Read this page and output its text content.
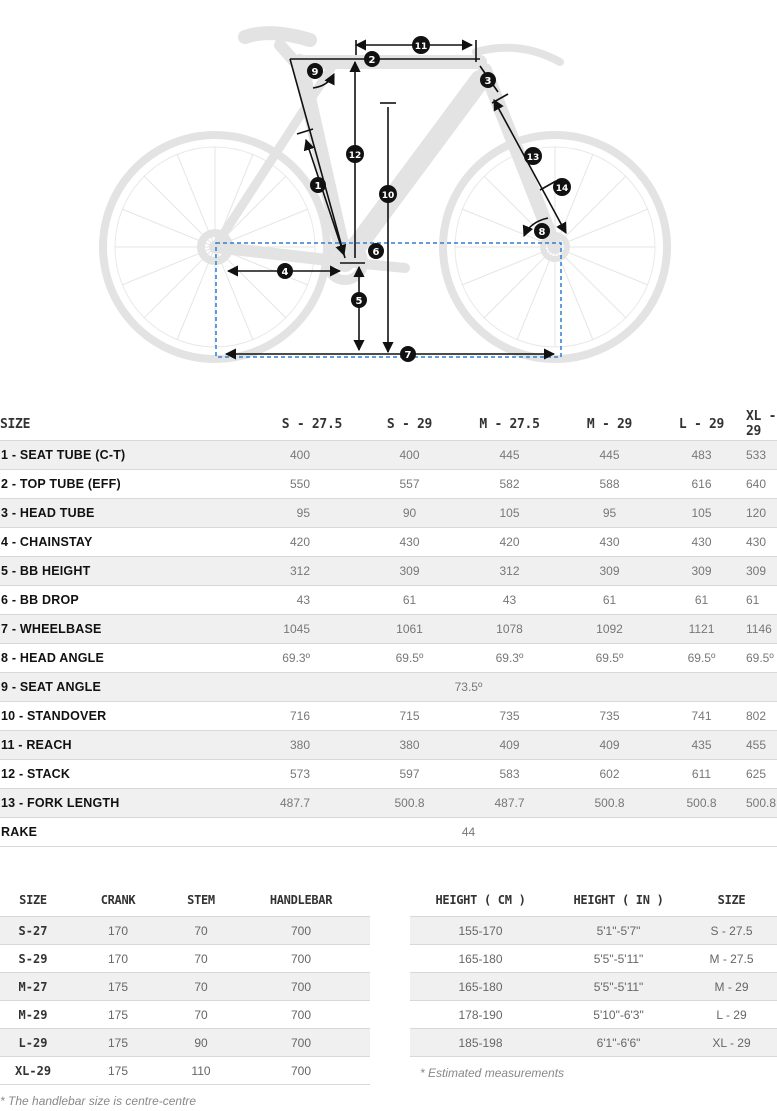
1
2
3
4
5
6
7
8
9
10
11
12	13
14
SIZE	S - 27.5	S - 29	M - 27.5	M - 29	L - 29	XL - 29
1 - SEAT TUBE (C-T)	400	400	445	445	483	533
2 - TOP TUBE (EFF)	550	557	582	588	616	640
3 - HEAD TUBE	95	90	105	95	105	120
4 - CHAINSTAY	420	430	420	430	430	430
5 - BB HEIGHT	312	309	312	309	309	309
6 - BB DROP	43	61	43	61	61	61
7 - WHEELBASE	1045	1061	1078	1092	1121	1146
8 - HEAD ANGLE	69.3º	69.5º	69.3º	69.5º	69.5º	69.5º
9 - SEAT ANGLE	73.5º					
10 - STANDOVER	716	715	735	735	741	802
11 - REACH	380	380	409	409	435	455
12 - STACK	573	597	583	602	611	625
13 - FORK LENGTH	487.7	500.8	487.7	500.8	500.8	500.8
RAKE	44					
SIZE	CRANK	STEM	HANDLEBAR
S-27	170	70	700
S-29	170	70	700
M-27	175	70	700
M-29	175	70	700
L-29	175	90	700
XL-29	175	110	700
HEIGHT ( CM )	HEIGHT ( IN )	SIZE
155-170	5'1"-5'7"	S - 27.5
165-180	5'5"-5'11"	M - 27.5
165-180	5'5"-5'11"	M - 29
178-190	5'10"-6'3"	L - 29
185-198	6'1"-6'6"	XL - 29
* The handlebar size is centre-centre
* Estimated measurements
